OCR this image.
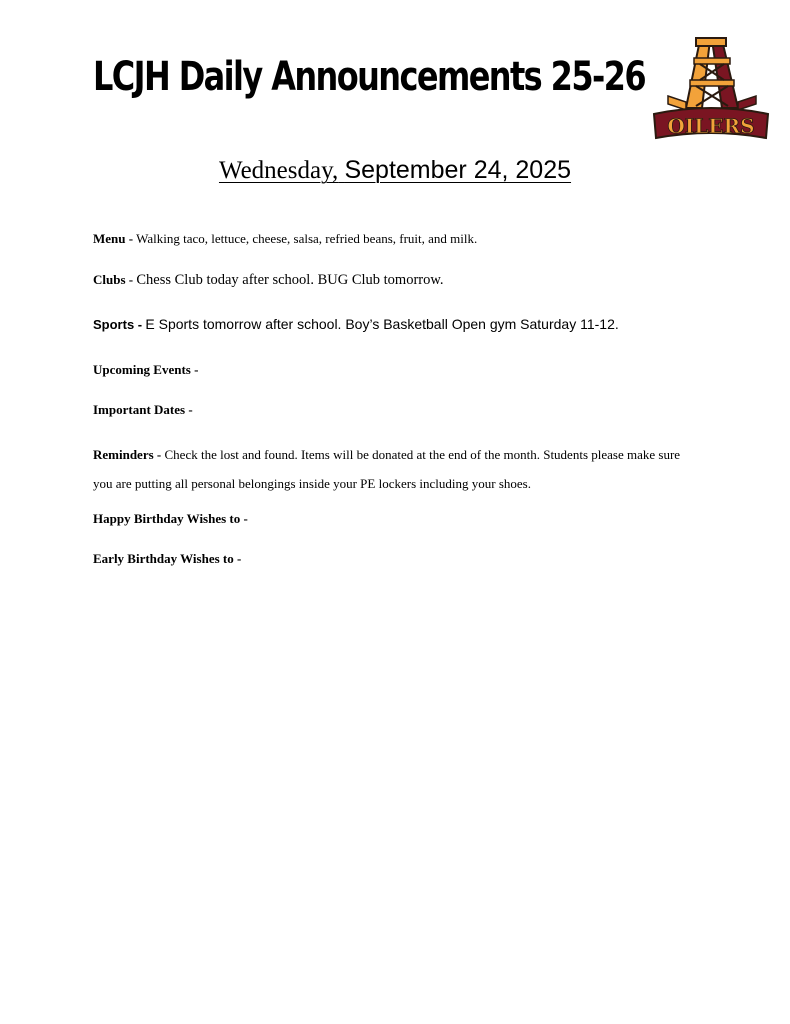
LCJH Daily Announcements 25-26
OILERS
Wednesday, September 24, 2025
Menu - Walking taco, lettuce, cheese, salsa, refried beans, fruit, and milk.
Clubs - Chess Club today after school. BUG Club tomorrow.
Sports - E Sports tomorrow after school. Boy’s Basketball Open gym Saturday 11-12.
Upcoming Events -
Important Dates -
Reminders - Check the lost and found. Items will be donated at the end of the month. Students please make sure you are putting all personal belongings inside your PE lockers including your shoes.
Happy Birthday Wishes to -
Early Birthday Wishes to -
